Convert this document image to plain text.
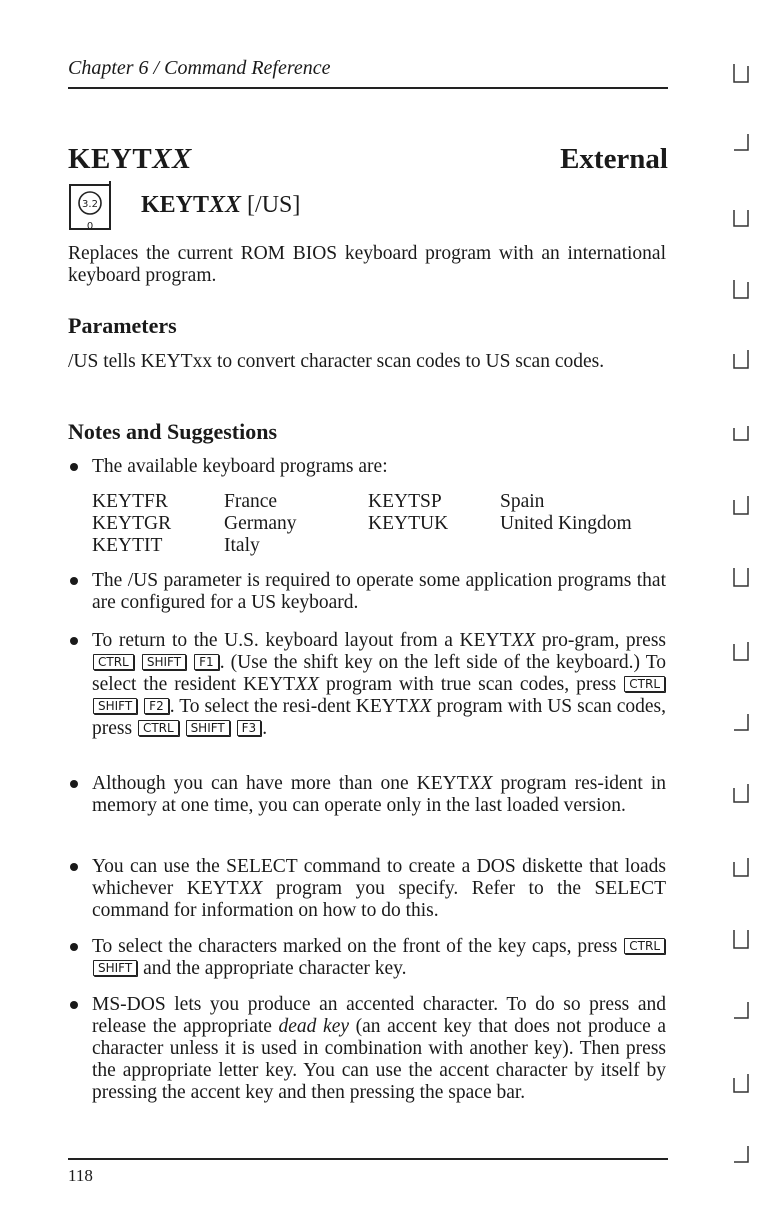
Chapter 6 / Command Reference
KEYTXX	External
3.2
0
KEYTXX [/US]
Replaces the current ROM BIOS keyboard program with an international keyboard program.
Parameters
/US tells KEYTxx to convert character scan codes to US scan codes.
Notes and Suggestions
The available keyboard programs are:
KEYTFR	France	KEYTSP	Spain
KEYTGR	Germany	KEYTUK	United Kingdom
KEYTIT	Italy		
The /US parameter is required to operate some application programs that are configured for a US keyboard.
To return to the U.S. keyboard layout from a KEYTXX pro-gram, press CTRL SHIFT F1 . (Use the shift key on the left side of the keyboard.) To select the resident KEYTXX program with true scan codes, press CTRL SHIFT F2 . To select the resi-dent KEYTXX program with US scan codes, press CTRL SHIFT F3 .
Although you can have more than one KEYTXX program res-ident in memory at one time, you can operate only in the last loaded version.
You can use the SELECT command to create a DOS diskette that loads whichever KEYTXX program you specify. Refer to the SELECT command for information on how to do this.
To select the characters marked on the front of the key caps, press CTRL SHIFT and the appropriate character key.
MS-DOS lets you produce an accented character. To do so press and release the appropriate dead key (an accent key that does not produce a character unless it is used in combination with another key). Then press the appropriate letter key. You can use the accent character by itself by pressing the accent key and then pressing the space bar.
118
